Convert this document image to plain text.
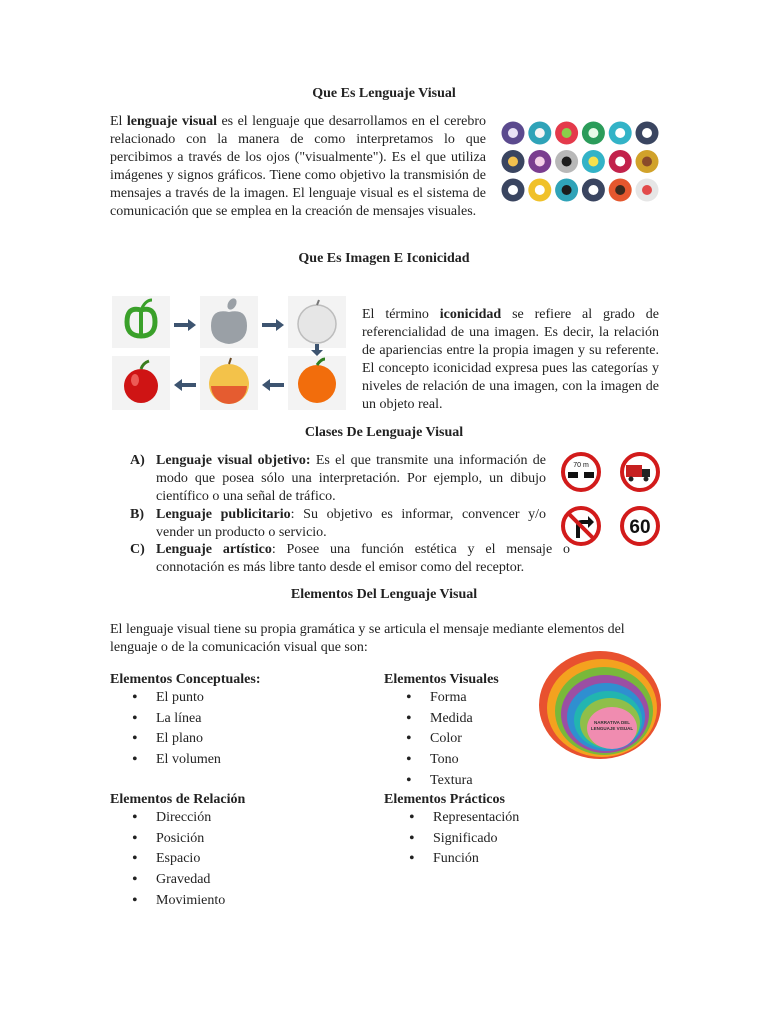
Que Es Lenguaje Visual
El lenguaje visual es el lenguaje que desarrollamos en el cerebro relacionado con la manera de como interpretamos lo que percibimos a través de los ojos ("visualmente"). Es el que utiliza imágenes y signos gráficos. Tiene como objetivo la transmisión de mensajes a través de la imagen. El lenguaje visual es el sistema de comunicación que se emplea en la creación de mensajes visuales.
Que Es Imagen E Iconicidad
El término iconicidad se refiere al grado de referencialidad de una imagen. Es decir, la relación de apariencias entre la propia imagen y su referente. El concepto iconicidad expresa pues las categorías y niveles de relación de una imagen, con la imagen de un objeto real.
Clases De Lenguaje Visual
A) Lenguaje visual objetivo: Es el que transmite una información de modo que posea sólo una interpretación. Por ejemplo, un dibujo científico o una señal de tráfico.
B) Lenguaje publicitario: Su objetivo es informar, convencer y/o vender un producto o servicio.
C) Lenguaje artístico: Posee una función estética y el mensaje o connotación es más libre tanto desde el emisor como del receptor.
70 m
60
Elementos Del Lenguaje Visual
El lenguaje visual tiene su propia gramática y se articula el mensaje mediante elementos del lenguaje o de la comunicación visual que son:
Elementos Conceptuales:
• El punto
• La línea
• El plano
• El volumen
Elementos Visuales
• Forma
• Medida
• Color
• Tono
• Textura
Elementos de Relación
• Dirección
• Posición
• Espacio
• Gravedad
• Movimiento
Elementos Prácticos
• Representación
• Significado
• Función
NARRATIVA DEL LENGUAJE VISUAL
